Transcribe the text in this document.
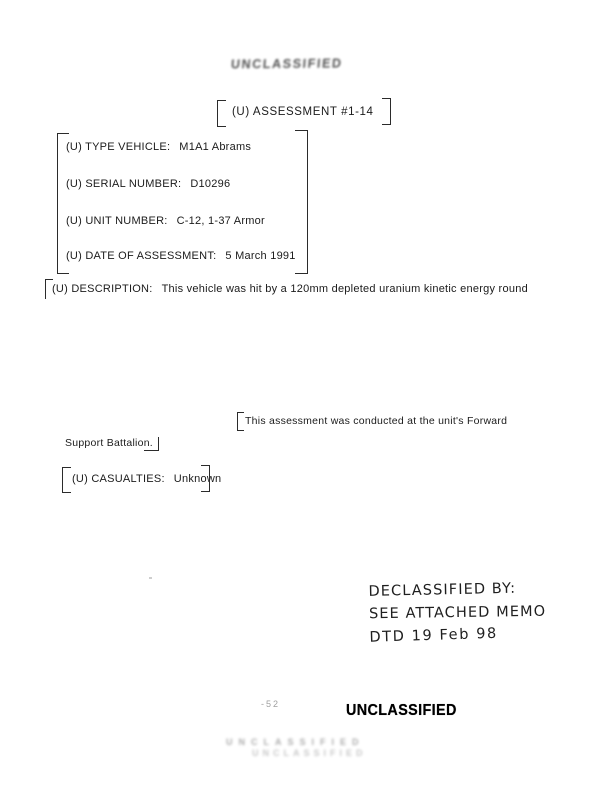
UNCLASSIFIED
(U) ASSESSMENT #1-14
(U) TYPE VEHICLE: M1A1 Abrams
(U) SERIAL NUMBER: D10296
(U) UNIT NUMBER: C-12, 1-37 Armor
(U) DATE OF ASSESSMENT: 5 March 1991
(U) DESCRIPTION: This vehicle was hit by a 120mm depleted uranium kinetic energy round
This assessment was conducted at the unit's Forward
Support Battalion.
(U) CASUALTIES: Unknown
DECLASSIFIED BY:
SEE ATTACHED MEMO
DTD 19 Feb 98
-52	UNCLASSIFIED
UNCLASSIFIED
UNCLASSIFIED
